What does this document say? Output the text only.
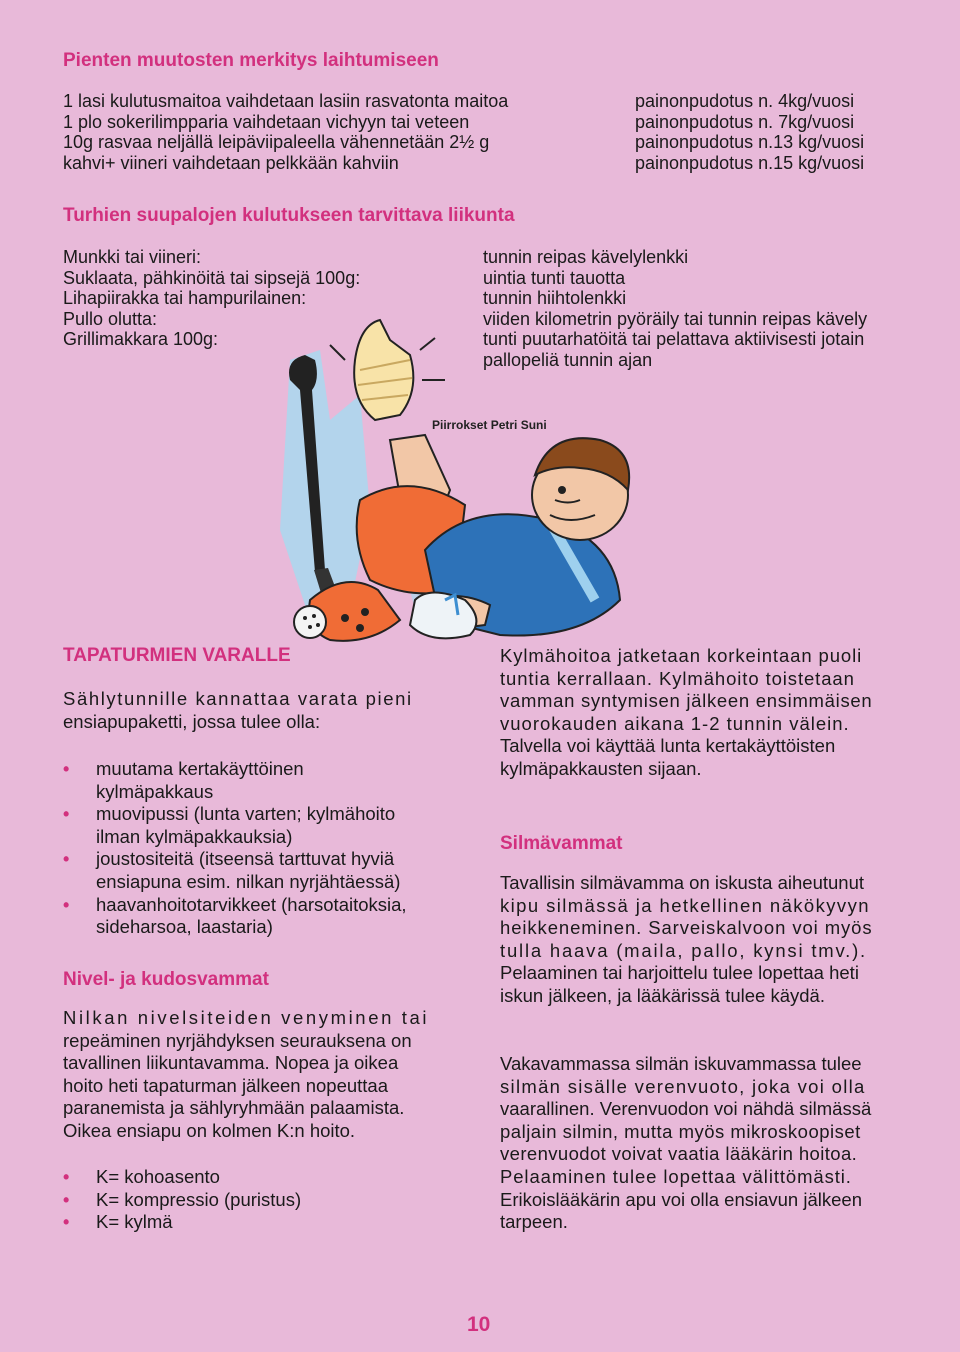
Pienten muutosten merkitys laihtumiseen
1 lasi kulutusmaitoa vaihdetaan lasiin rasvatonta maitoa
1 plo sokerilimpparia vaihdetaan vichyyn tai veteen
10g rasvaa neljällä leipäviipaleella vähennetään 2½ g
kahvi+ viineri vaihdetaan pelkkään kahviin
painonpudotus n. 4kg/vuosi
painonpudotus n. 7kg/vuosi
painonpudotus n.13 kg/vuosi
painonpudotus n.15 kg/vuosi
Turhien suupalojen kulutukseen tarvittava liikunta
Munkki tai viineri:
Suklaata, pähkinöitä tai sipsejä 100g:
Lihapiirakka tai hampurilainen:
Pullo olutta:
Grillimakkara 100g:
tunnin reipas kävelylenkki
uintia tunti tauotta
tunnin hiihtolenkki
viiden kilometrin pyöräily tai tunnin reipas kävely
tunti puutarhatöitä tai pelattava aktiivisesti jotain
pallopeliä tunnin ajan
Piirrokset Petri Suni
TAPATURMIEN VARALLE
Sählytunnille kannattaa varata pieni
ensiapupaketti, jossa tulee olla:
• muutama kertakäyttöinen
kylmäpakkaus
• muovipussi (lunta varten; kylmähoito
ilman kylmäpakkauksia)
• joustositeitä (itseensä tarttuvat hyviä
ensiapuna esim. nilkan nyrjähtäessä)
• haavanhoitotarvikkeet (harsotaitoksia,
sideharsoa, laastaria)
Nivel- ja kudosvammat
Nilkan nivelsiteiden venyminen tai
repeäminen nyrjähdyksen seurauksena on
tavallinen liikuntavamma. Nopea ja oikea
hoito heti tapaturman jälkeen nopeuttaa
paranemista ja sählyryhmään palaamista.
Oikea ensiapu on kolmen K:n hoito.
• K= kohoasento
• K= kompressio (puristus)
• K= kylmä
Kylmähoitoa jatketaan korkeintaan puoli
tuntia kerrallaan. Kylmähoito toistetaan
vamman syntymisen jälkeen ensimmäisen
vuorokauden aikana 1-2 tunnin välein.
Talvella voi käyttää lunta kertakäyttöisten
kylmäpakkausten sijaan.
Silmävammat
Tavallisin silmävamma on iskusta aiheutunut
kipu silmässä ja hetkellinen näkökyvyn
heikkeneminen. Sarveiskalvoon voi myös
tulla haava (maila, pallo, kynsi tmv.).
Pelaaminen tai harjoittelu tulee lopettaa heti
iskun jälkeen, ja lääkärissä tulee käydä.
Vakavammassa silmän iskuvammassa tulee
silmän sisälle verenvuoto, joka voi olla
vaarallinen. Verenvuodon voi nähdä silmässä
paljain silmin, mutta myös mikroskoopiset
verenvuodot voivat vaatia lääkärin hoitoa.
Pelaaminen tulee lopettaa välittömästi.
Erikoislääkärin apu voi olla ensiavun jälkeen
tarpeen.
10
